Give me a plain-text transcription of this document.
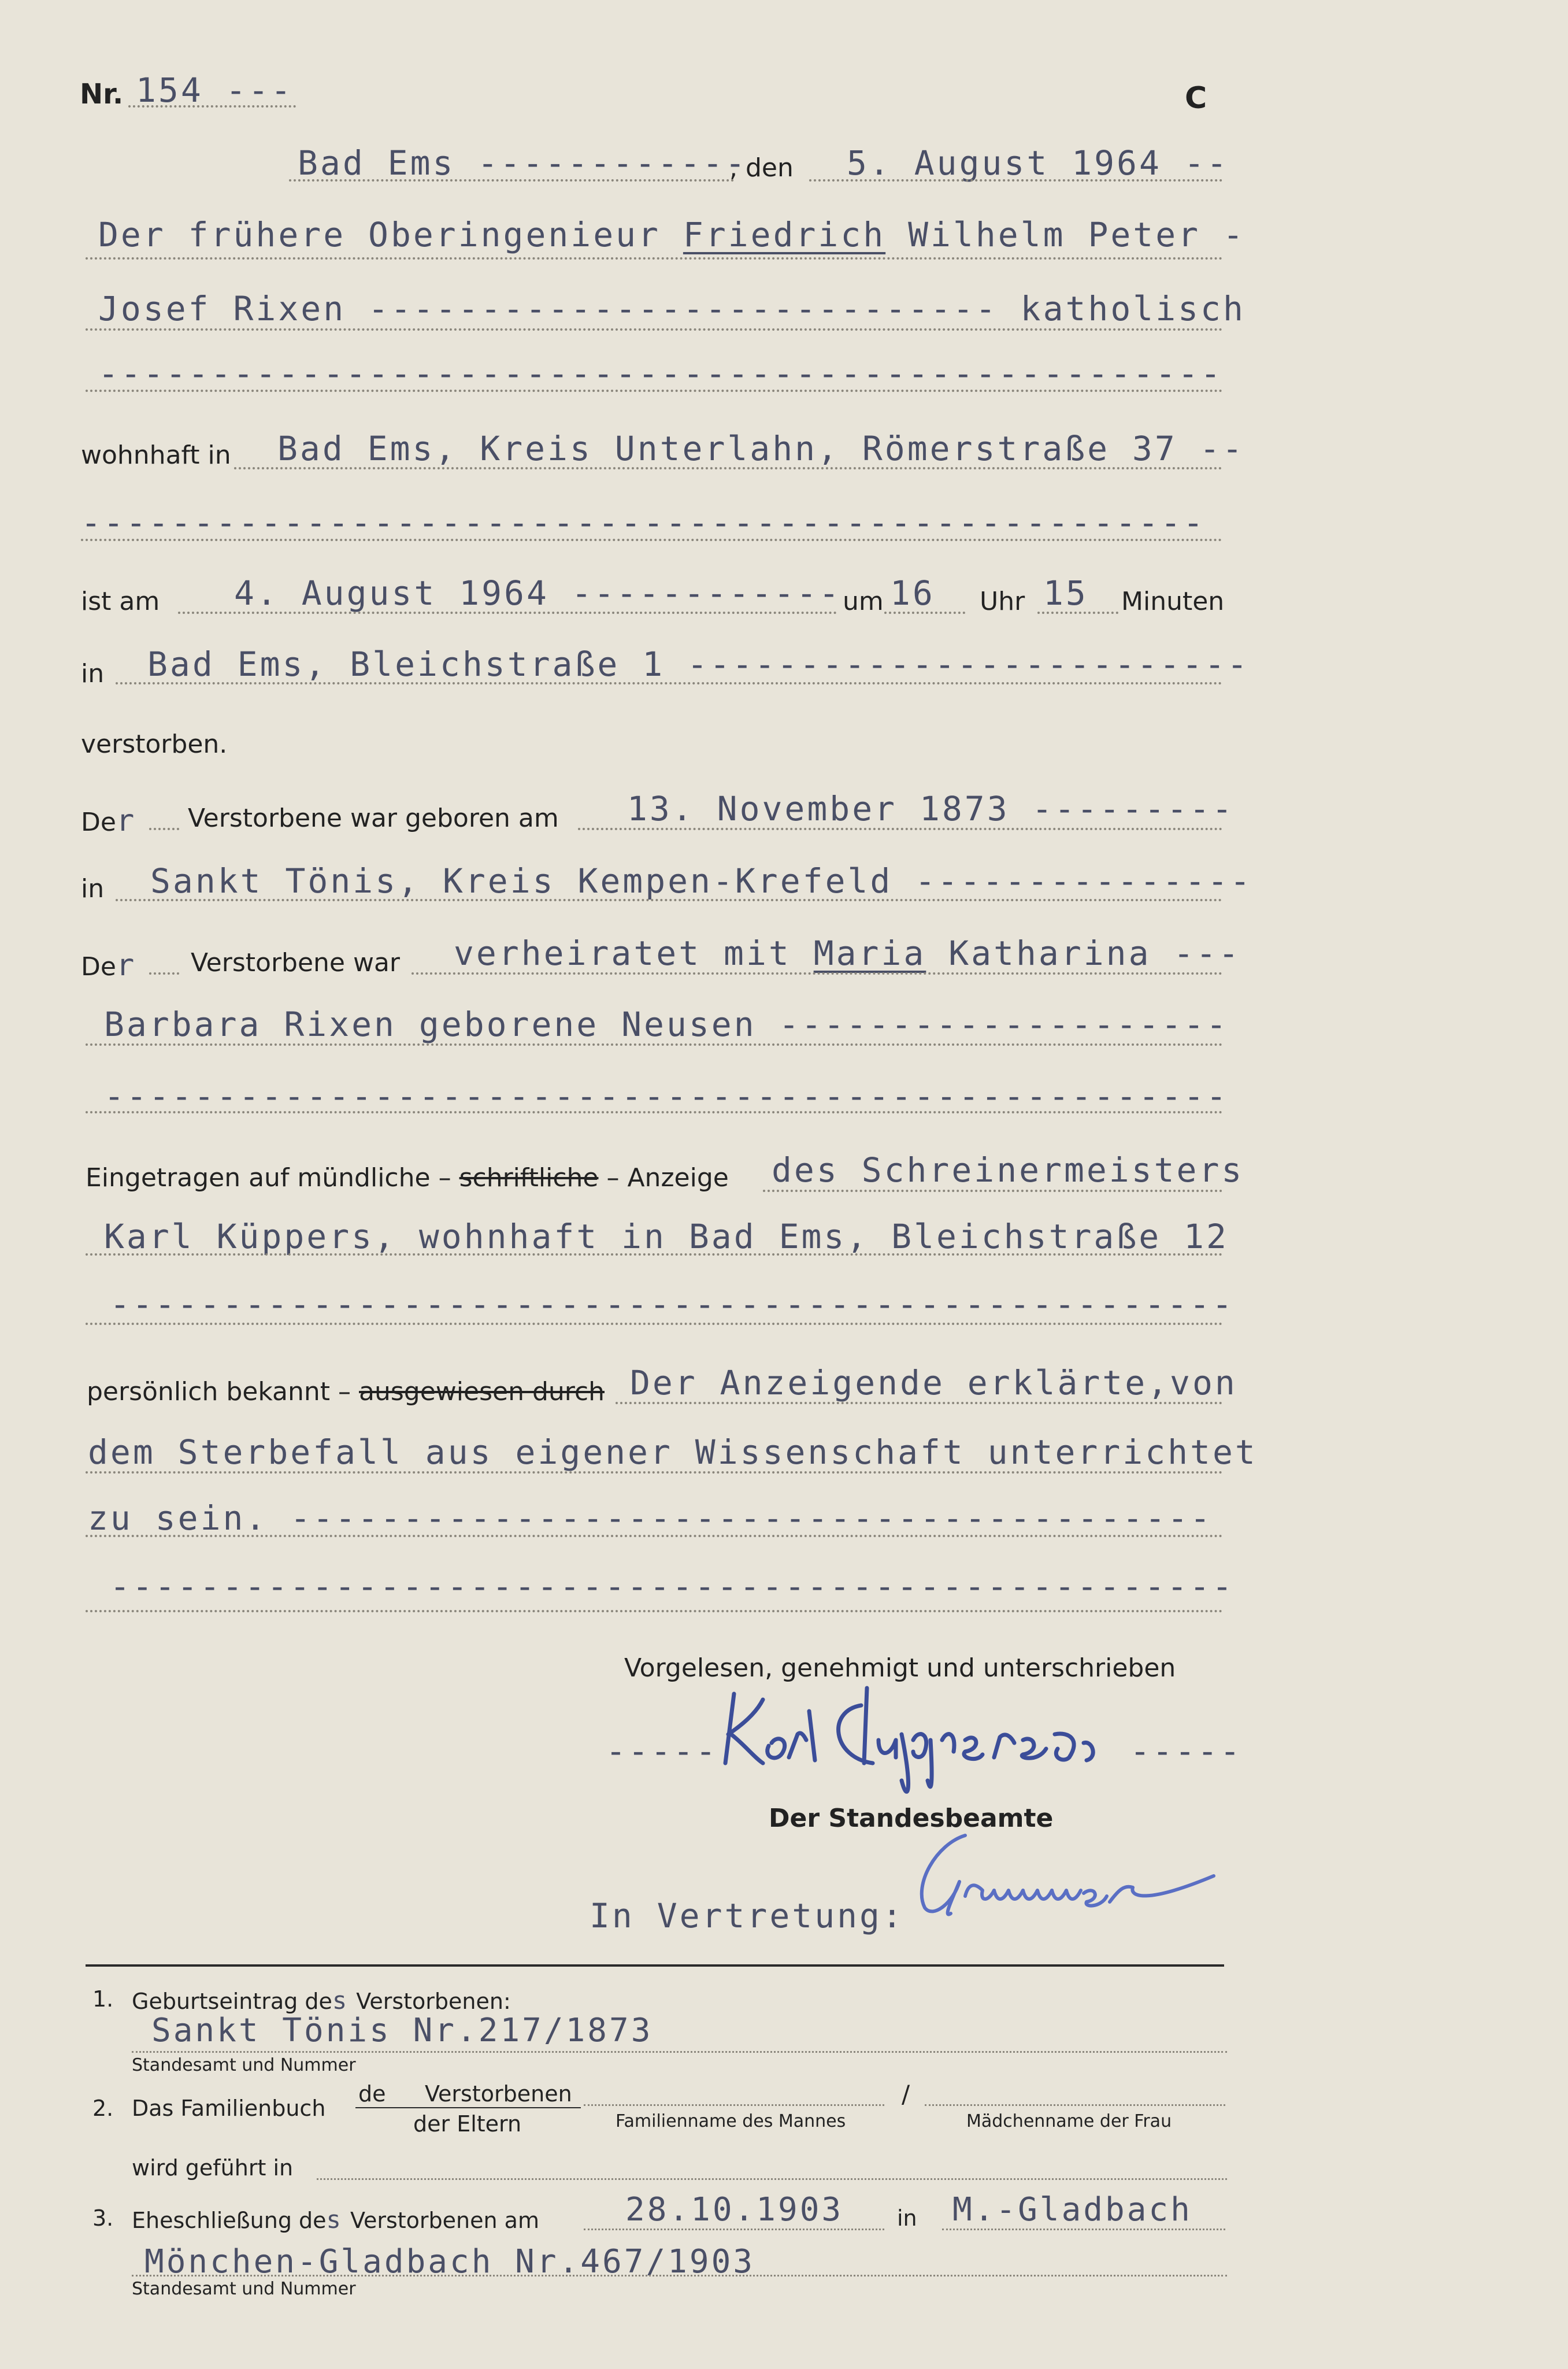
Nr. 154 ---	C
Bad Ems ------------
, den 5. August 1964 --
Der frühere Oberingenieur Friedrich Wilhelm Peter -
Josef Rixen ---------------------------- katholisch
--------------------------------------------------
wohnhaft in Bad Ems, Kreis Unterlahn, Römerstraße 37 --
--------------------------------------------------
ist am 4. August 1964 ------------ um 16 Uhr 15 Minuten
in Bad Ems, Bleichstraße 1 -------------------------
verstorben.
Der Verstorbene war geboren am 13. November 1873 ---------
in Sankt Tönis, Kreis Kempen-Krefeld ---------------
Der Verstorbene war verheiratet mit Maria Katharina ---
Barbara Rixen geborene Neusen --------------------
--------------------------------------------------
Eingetragen auf mündliche – schriftliche – Anzeige des Schreinermeisters
Karl Küppers, wohnhaft in Bad Ems, Bleichstraße 12
--------------------------------------------------
persönlich bekannt – ausgewiesen durch Der Anzeigende erklärte,von
dem Sterbefall aus eigener Wissenschaft unterrichtet
zu sein. -----------------------------------------
--------------------------------------------------
Vorgelesen, genehmigt und unterschrieben
-----	-----
Der Standesbeamte
In Vertretung:
1. Geburtseintrag des Verstorbenen:
Sankt Tönis Nr.217/1873
Standesamt und Nummer
2. Das Familienbuch
de Verstorbenen
der Eltern
/
Familienname des Mannes	Mädchenname der Frau
wird geführt in
3. Eheschließung des Verstorbenen am	28.10.1903 in M.-Gladbach
Mönchen-Gladbach Nr.467/1903
Standesamt und Nummer
